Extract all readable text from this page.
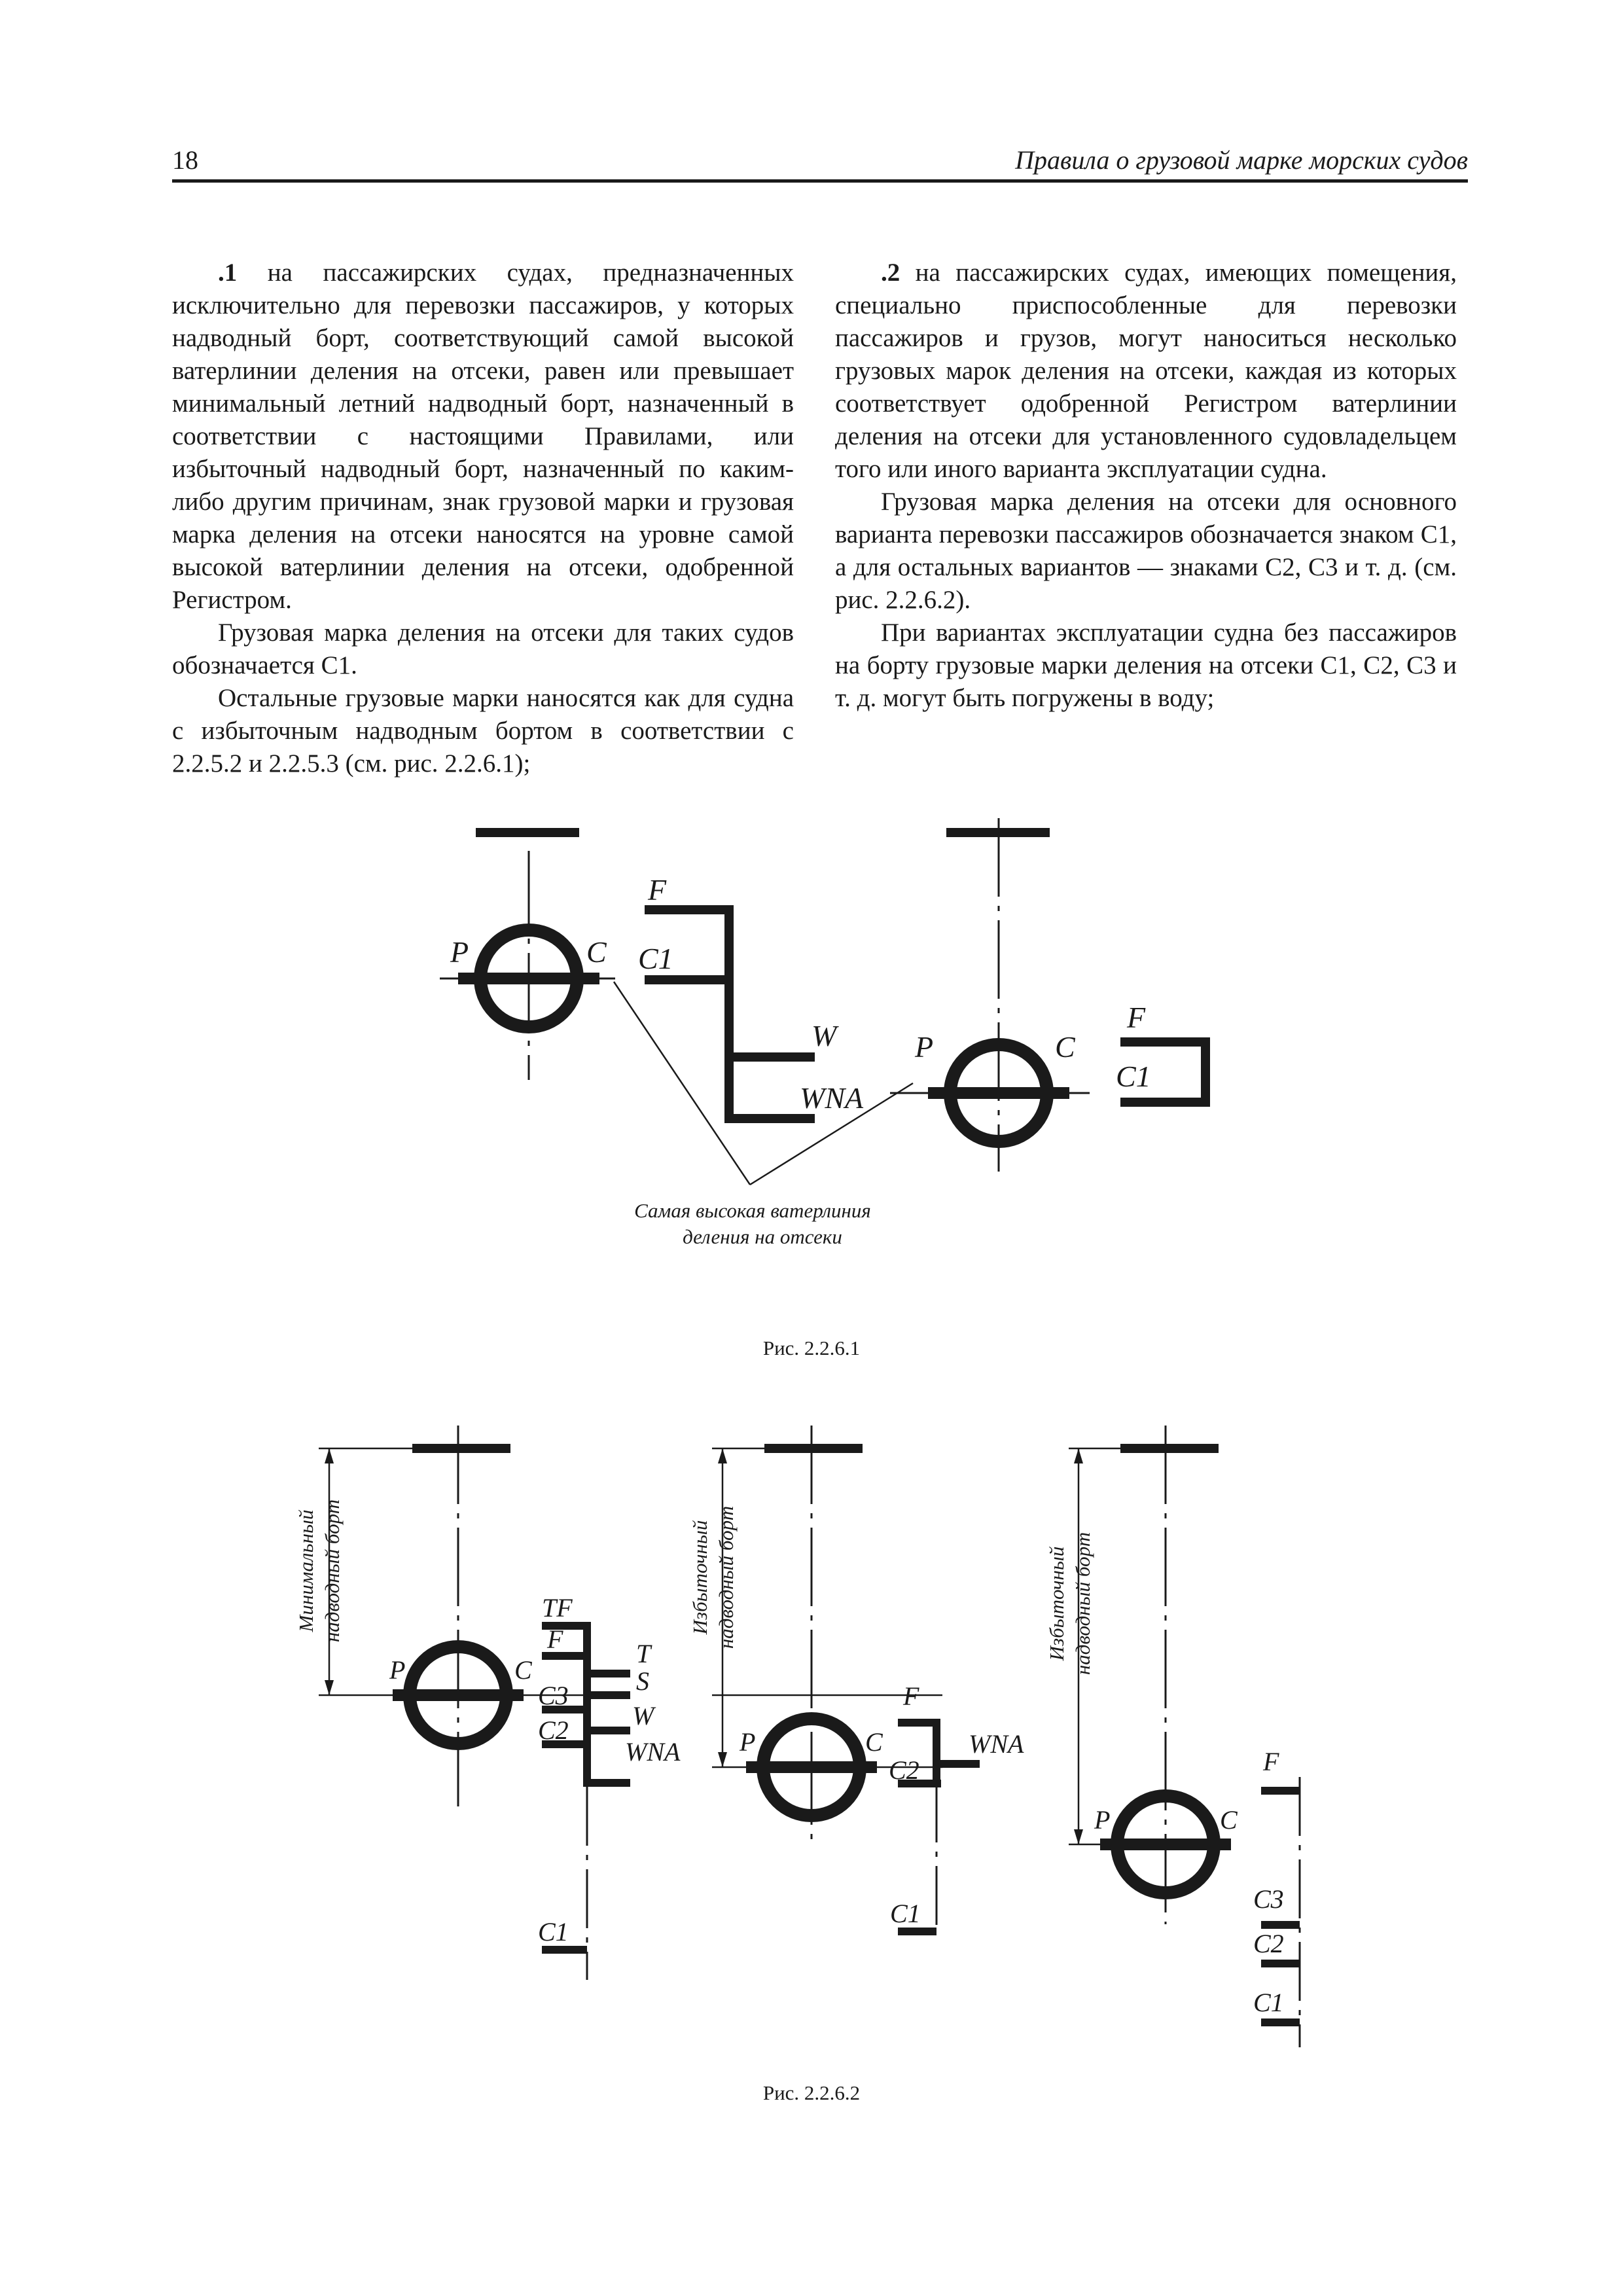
18	Правила о грузовой марке морских судов

.1 на пассажирских судах, предназначенных исключительно для перевозки пассажиров, у которых надводный борт, соответствующий самой высокой ватерлинии деления на отсеки, равен или превышает минимальный летний надводный борт, назначенный в соответствии с настоящими Правилами, или избыточный надводный борт, назначенный по каким-либо другим причинам, знак грузовой марки и грузовая марка деления на отсеки наносятся на уровне самой высокой ватерлинии деления на отсеки, одобренной Регистром.

Грузовая марка деления на отсеки для таких судов обозначается С1.

Остальные грузовые марки наносятся как для судна с избыточным надводным бортом в соответствии с 2.2.5.2 и 2.2.5.3 (см. рис. 2.2.6.1);

.2 на пассажирских судах, имеющих помещения, специально приспособленные для перевозки пассажиров и грузов, могут наноситься несколько грузовых марок деления на отсеки, каждая из которых соответствует одобренной Регистром ватерлинии деления на отсеки для установленного судовладельцем того или иного варианта эксплуатации судна.

Грузовая марка деления на отсеки для основного варианта перевозки пассажиров обозначается знаком С1, а для остальных вариантов — знаками С2, С3 и т. д. (см. рис. 2.2.6.2).

При вариантах эксплуатации судна без пассажиров на борту грузовые марки деления на отсеки С1, С2, С3 и т. д. могут быть погружены в воду;

P	C
F
C1
W
WNA
P	C
F
C1
Самая высокая ватерлиния
деления на отсеки
Рис. 2.2.6.1
P	C
TF
F	T
S
C3
W
C2
WNA
C1
P	C
F
WNA
C2
C1
P	C
F
C3
C2
C1
Минимальный надводный борт	Избыточный надводный борт	Избыточный надводный борт
Рис. 2.2.6.2
